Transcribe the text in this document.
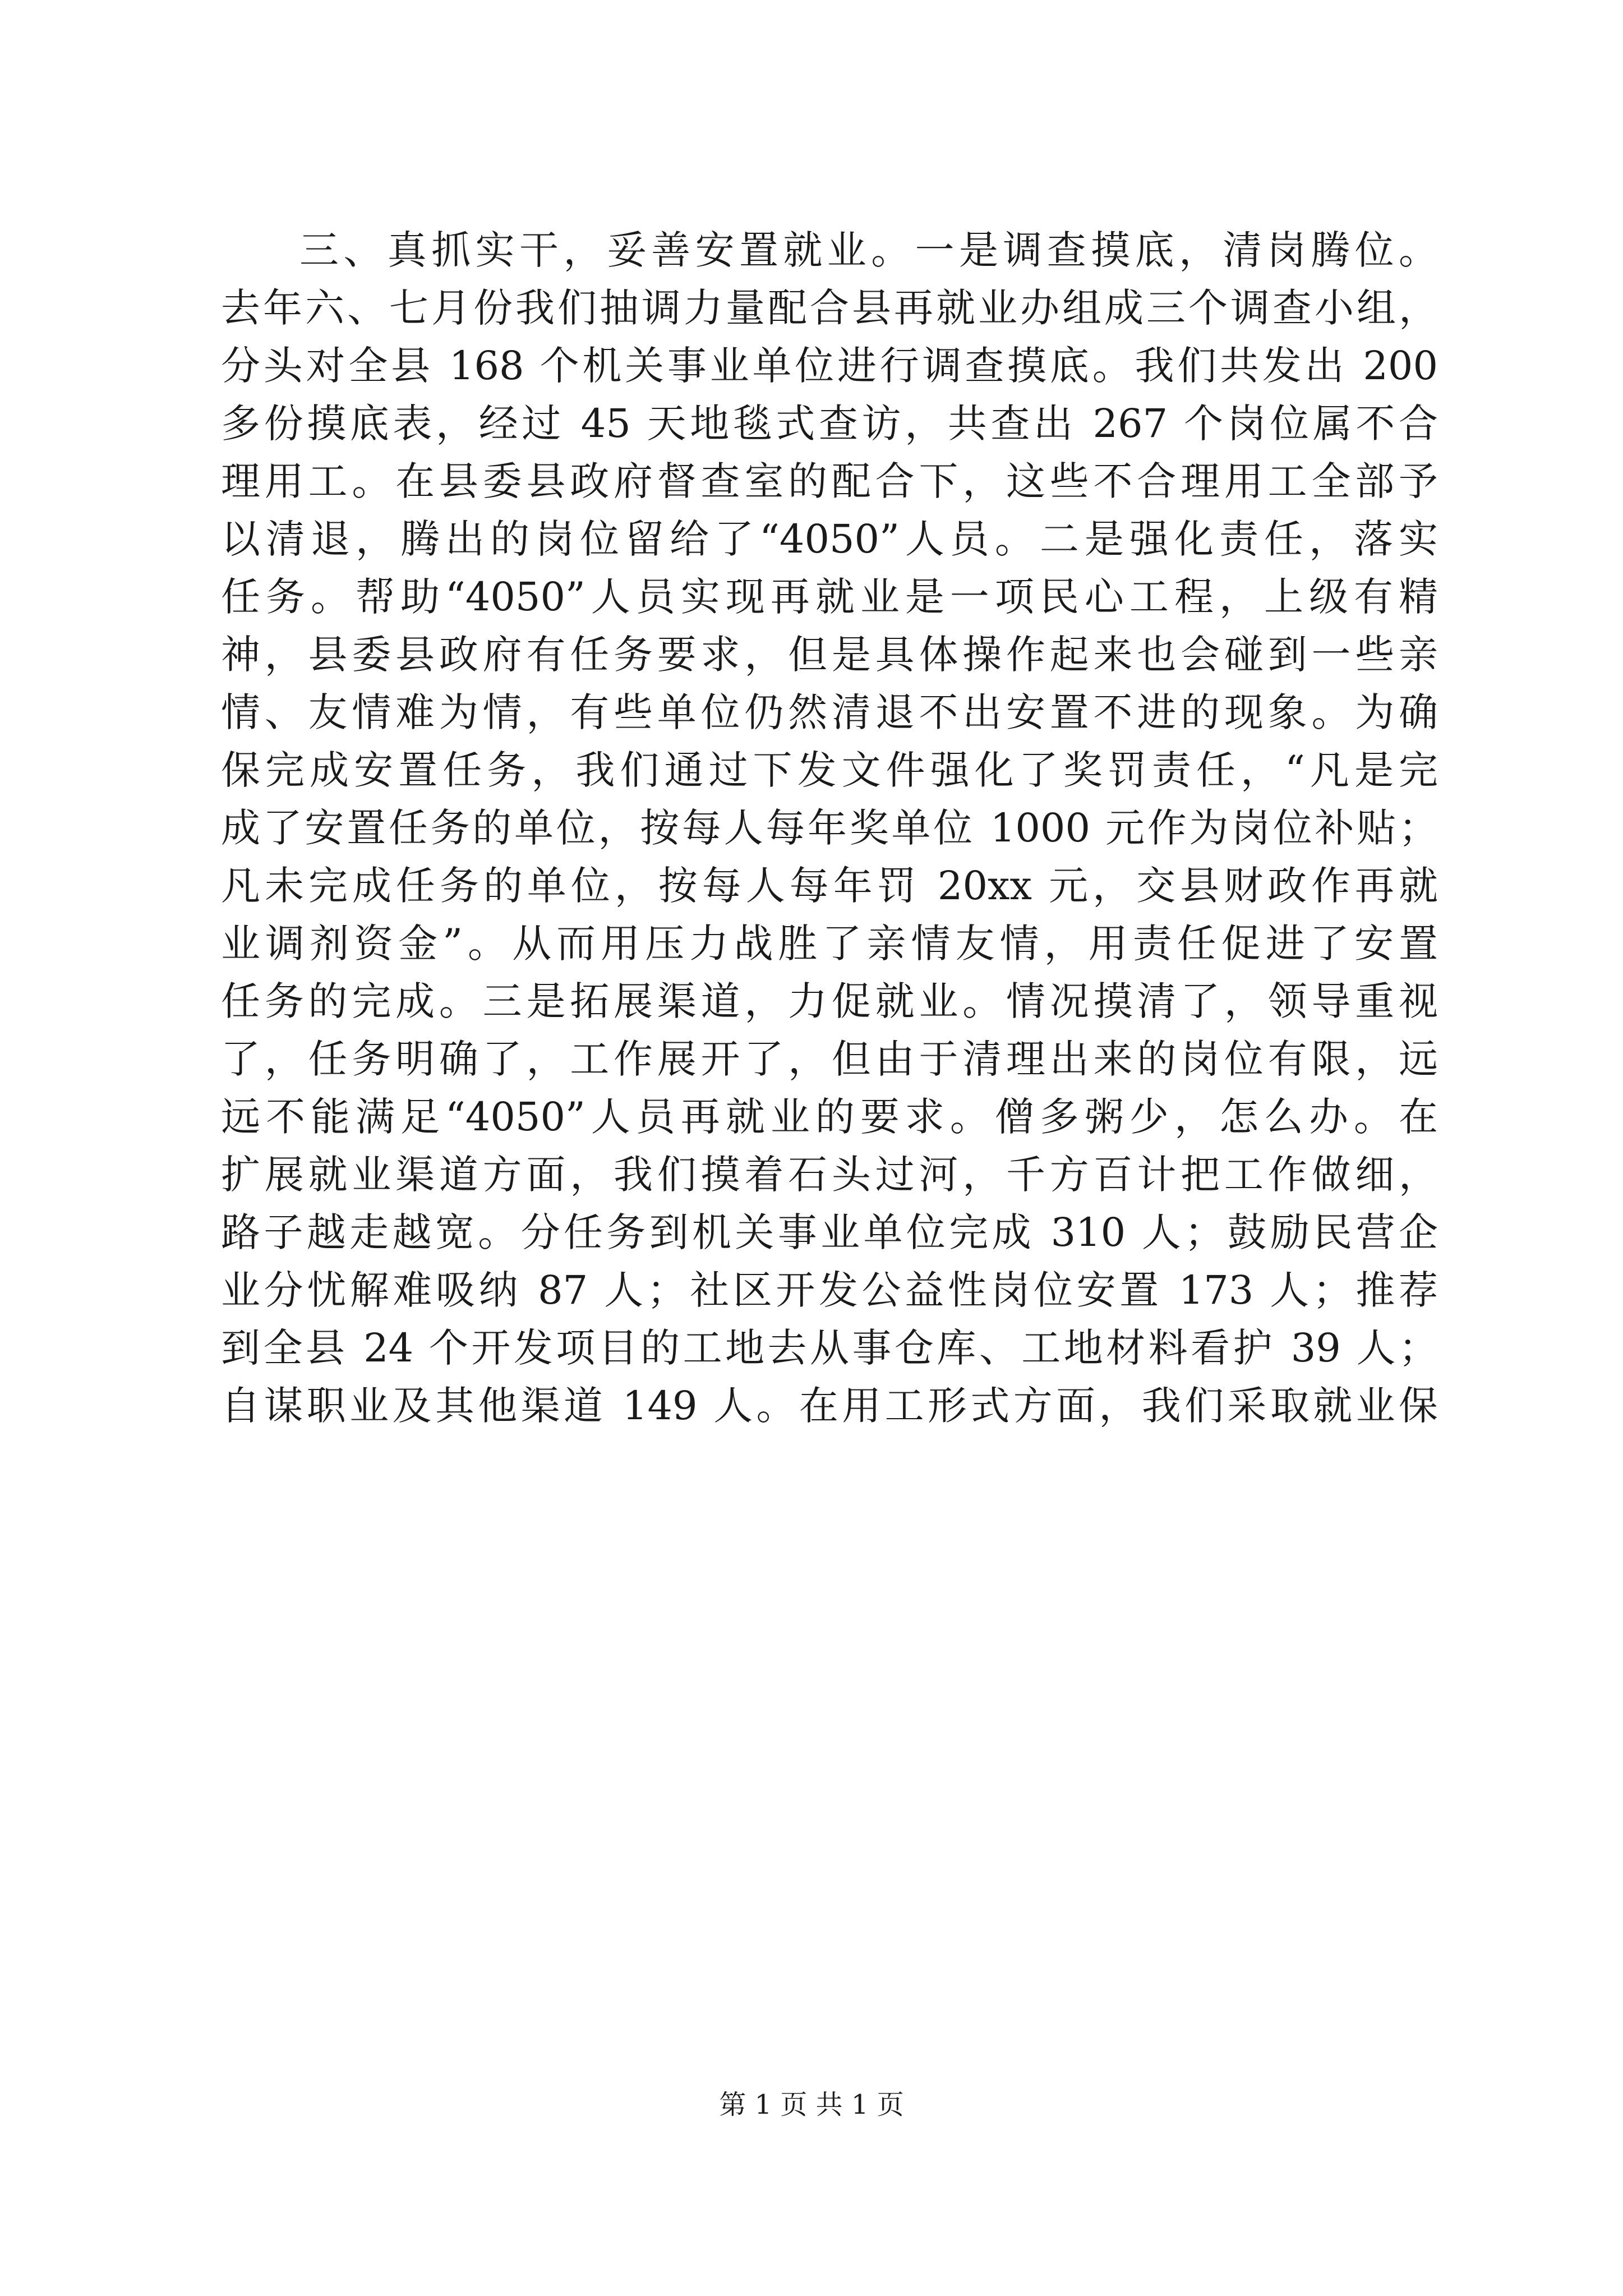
三、真抓实干，妥善安置就业。一是调查摸底，清岗腾位。
去年六、七月份我们抽调力量配合县再就业办组成三个调查小组，
分头对全县 168 个机关事业单位进行调查摸底。我们共发出 200
多份摸底表，经过 45 天地毯式查访，共查出 267 个岗位属不合
理用工。在县委县政府督查室的配合下，这些不合理用工全部予
以清退，腾出的岗位留给了“4050”人员。二是强化责任，落实
任务。帮助“4050”人员实现再就业是一项民心工程，上级有精
神，县委县政府有任务要求，但是具体操作起来也会碰到一些亲
情、友情难为情，有些单位仍然清退不出安置不进的现象。为确
保完成安置任务，我们通过下发文件强化了奖罚责任，“凡是完
成了安置任务的单位，按每人每年奖单位 1000 元作为岗位补贴；
凡未完成任务的单位，按每人每年罚 20xx 元，交县财政作再就
业调剂资金”。从而用压力战胜了亲情友情，用责任促进了安置
任务的完成。三是拓展渠道，力促就业。情况摸清了，领导重视
了，任务明确了，工作展开了，但由于清理出来的岗位有限，远
远不能满足“4050”人员再就业的要求。僧多粥少，怎么办。在
扩展就业渠道方面，我们摸着石头过河，千方百计把工作做细，
路子越走越宽。分任务到机关事业单位完成 310 人；鼓励民营企
业分忧解难吸纳 87 人；社区开发公益性岗位安置 173 人；推荐
到全县 24 个开发项目的工地去从事仓库、工地材料看护 39 人；
自谋职业及其他渠道 149 人。在用工形式方面，我们采取就业保
第 1 页 共 1 页
